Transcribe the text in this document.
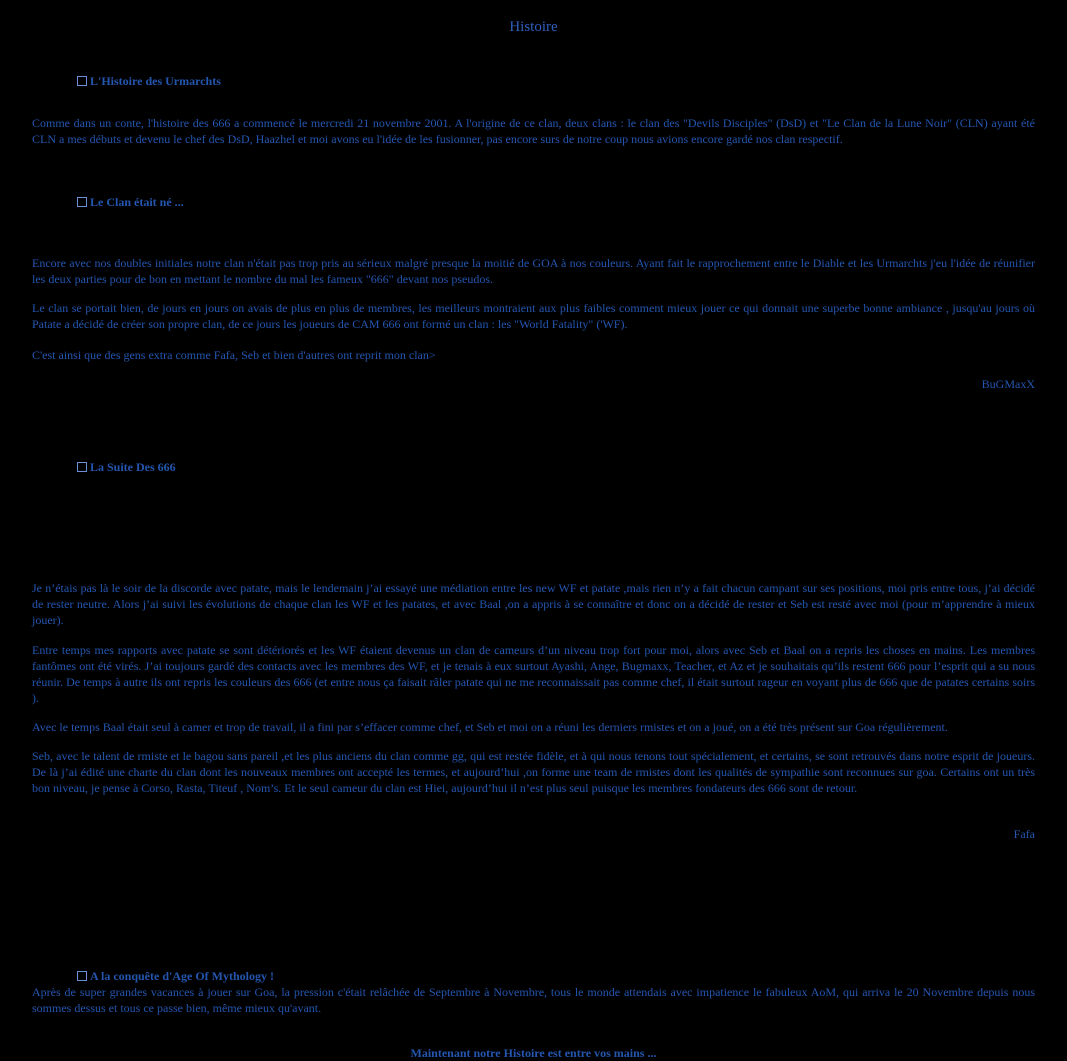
Histoire
L'Histoire des Urmarchts
Comme dans un conte, l'histoire des 666 a commencé le mercredi 21 novembre 2001. A l'origine de ce clan, deux clans : le clan des "Devils Disciples" (DsD) et "Le Clan de la Lune Noir" (CLN) ayant été CLN a mes débuts et devenu le chef des DsD, Haazhel et moi avons eu l'idée de les fusionner, pas encore surs de notre coup nous avions encore gardé nos clan respectif.
Le Clan était né ...
Encore avec nos doubles initiales notre clan n'était pas trop pris au sérieux malgré presque la moitié de GOA à nos couleurs. Ayant fait le rapprochement entre le Diable et les Urmarchts j'eu l'idée de réunifier les deux parties pour de bon en mettant le nombre du mal les fameux "666" devant nos pseudos.
Le clan se portait bien, de jours en jours on avais de plus en plus de membres, les meilleurs montraient aux plus faibles comment mieux jouer ce qui donnait une superbe bonne ambiance , jusqu'au jours où Patate a décidé de créer son propre clan, de ce jours les joueurs de CAM 666 ont formé un clan : les "World Fatality" ('WF).
C'est ainsi que des gens extra comme Fafa, Seb et bien d'autres ont reprit mon clan>
BuGMaxX
La Suite Des 666
Je n’étais pas là le soir de la discorde avec patate, mais le lendemain j’ai essayé une médiation entre les new WF et patate ,mais rien n’y a fait chacun campant sur ses positions, moi pris entre tous, j’ai décidé de rester neutre. Alors j’ai suivi les évolutions de chaque clan les WF et les patates, et avec Baal ,on a appris à se connaître et donc on a décidé de rester et Seb est resté avec moi (pour m’apprendre à mieux jouer).
Entre temps mes rapports avec patate se sont détériorés et les WF étaient devenus un clan de cameurs d’un niveau trop fort pour moi, alors avec Seb et Baal on a repris les choses en mains. Les membres fantômes ont été virés. J’ai toujours gardé des contacts avec les membres des WF, et je tenais à eux surtout Ayashi, Ange, Bugmaxx, Teacher, et Az et je souhaitais qu’ils restent 666 pour l’esprit qui a su nous réunir. De temps à autre ils ont repris les couleurs des 666 (et entre nous ça faisait râler patate qui ne me reconnaissait pas comme chef, il était surtout rageur en voyant plus de 666 que de patates certains soirs ).
Avec le temps Baal était seul à camer et trop de travail, il a fini par s’effacer comme chef, et Seb et moi on a réuni les derniers rmistes et on a joué, on a été très présent sur Goa régulièrement.
Seb, avec le talent de rmiste et le bagou sans pareil ,et les plus anciens du clan comme gg, qui est restée fidèle, et à qui nous tenons tout spécialement, et certains, se sont retrouvés dans notre esprit de joueurs. De là j’ai édité une charte du clan dont les nouveaux membres ont accepté les termes, et aujourd’hui ,on forme une team de rmistes dont les qualités de sympathie sont reconnues sur goa. Certains ont un très bon niveau, je pense à Corso, Rasta, Titeuf , Nom’s. Et le seul cameur du clan est Hiei, aujourd’hui il n’est plus seul puisque les membres fondateurs des 666 sont de retour.
Fafa
A la conquête d'Age Of Mythology !
Après de super grandes vacances à jouer sur Goa, la pression c'était relâchée de Septembre à Novembre, tous le monde attendais avec impatience le fabuleux AoM, qui arriva le 20 Novembre depuis nous sommes dessus et tous ce passe bien, même mieux qu'avant.
Maintenant notre Histoire est entre vos mains ...
